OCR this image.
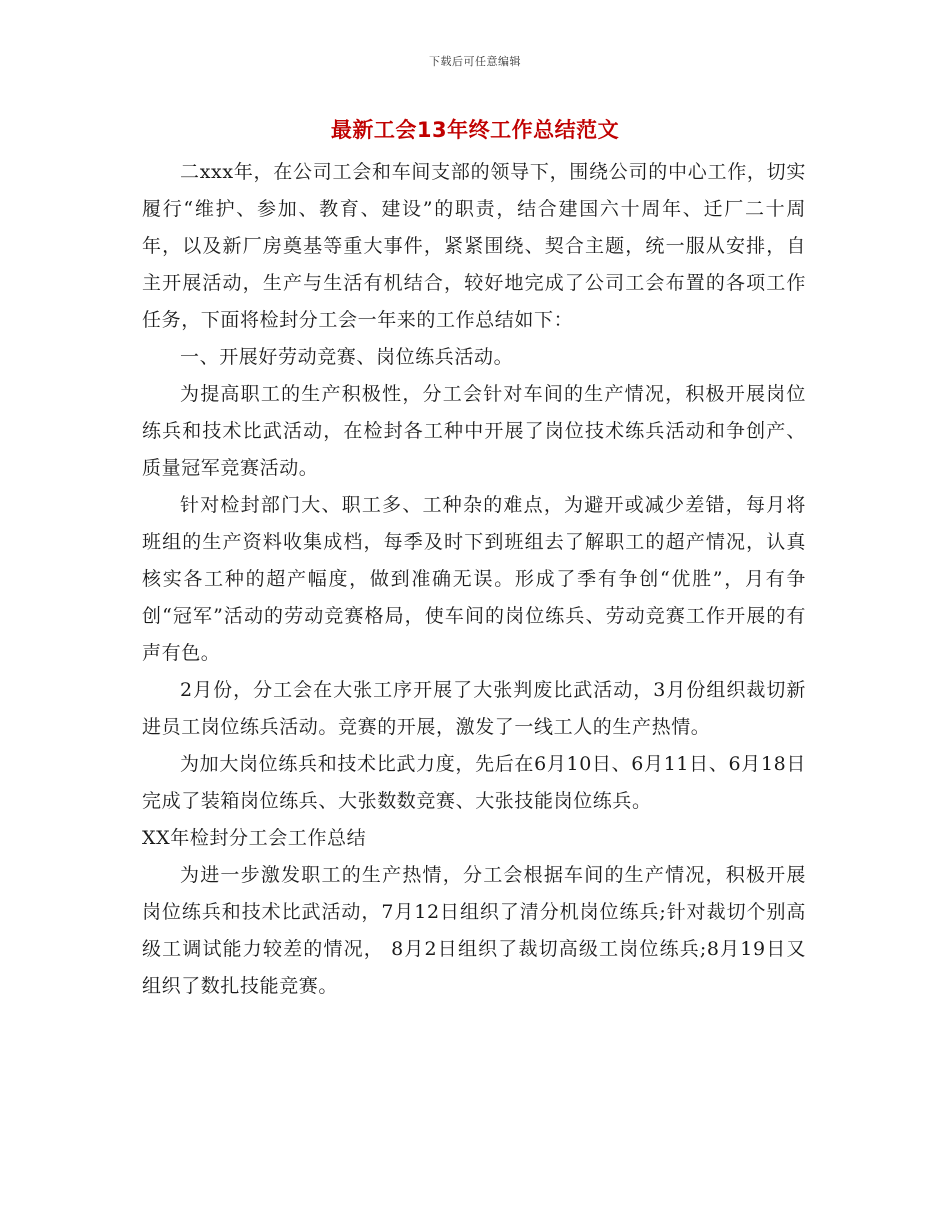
下载后可任意编辑
最新工会13年终工作总结范文

二xxx年，在公司工会和车间支部的领导下，围绕公司的中心工作，切实履行“维护、参加、教育、建设”的职责，结合建国六十周年、迁厂二十周年，以及新厂房奠基等重大事件，紧紧围绕、契合主题，统一服从安排，自主开展活动，生产与生活有机结合，较好地完成了公司工会布置的各项工作任务，下面将检封分工会一年来的工作总结如下：

一、开展好劳动竞赛、岗位练兵活动。

为提高职工的生产积极性，分工会针对车间的生产情况，积极开展岗位练兵和技术比武活动，在检封各工种中开展了岗位技术练兵活动和争创产、质量冠军竞赛活动。

针对检封部门大、职工多、工种杂的难点，为避开或减少差错，每月将班组的生产资料收集成档，每季及时下到班组去了解职工的超产情况，认真核实各工种的超产幅度，做到准确无误。形成了季有争创“优胜”，月有争创“冠军”活动的劳动竞赛格局，使车间的岗位练兵、劳动竞赛工作开展的有声有色。

2月份，分工会在大张工序开展了大张判废比武活动，3月份组织裁切新进员工岗位练兵活动。竞赛的开展，激发了一线工人的生产热情。

为加大岗位练兵和技术比武力度，先后在6月10日、6月11日、6月18日完成了装箱岗位练兵、大张数数竞赛、大张技能岗位练兵。

XX年检封分工会工作总结

为进一步激发职工的生产热情，分工会根据车间的生产情况，积极开展岗位练兵和技术比武活动，7月12日组织了清分机岗位练兵;针对裁切个别高级工调试能力较差的情况， 8月2日组织了裁切高级工岗位练兵;8月19日又组织了数扎技能竞赛。
